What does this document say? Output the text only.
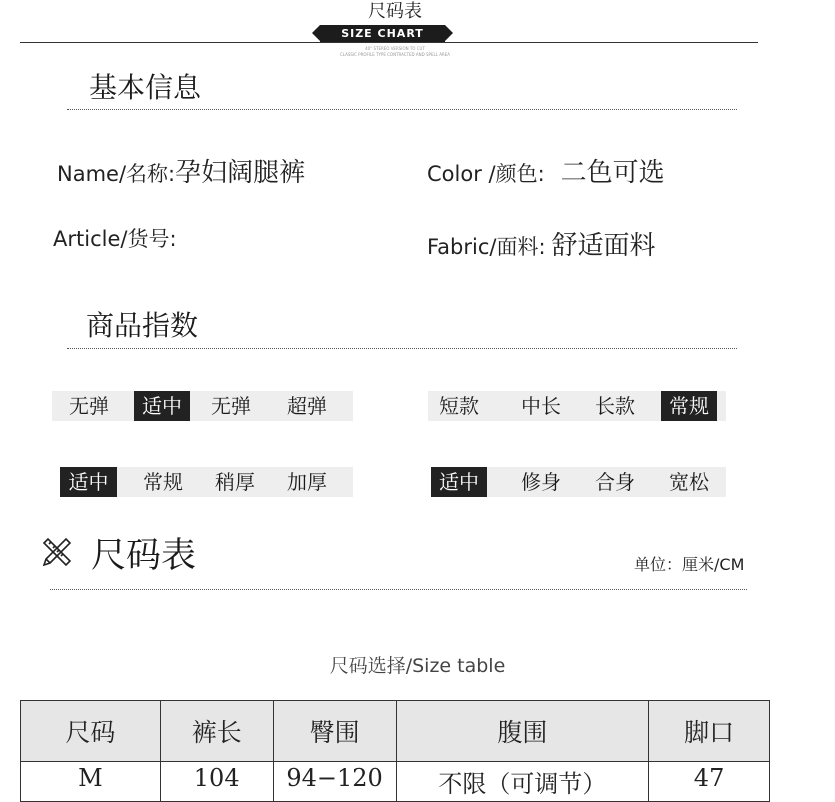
尺码表
SIZE CHART
40° STEREO VERSION TO CUT
CLASSIC PROFILE TYPE CONTRACTED AND SPELL AREA
基本信息
Name/名称:孕妇阔腿裤	Color /颜色: 二色可选
Article/货号:	Fabric/面料: 舒适面料
商品指数
无弹	适中	无弹	超弹	短款	中长	长款	常规
适中	常规	稍厚	加厚	适中	修身	合身	宽松
尺码表	单位：厘米/CM
尺码选择/Size table
尺码	裤长	臀围	腹围	脚口
M	104	94−120	不限（可调节）	47
